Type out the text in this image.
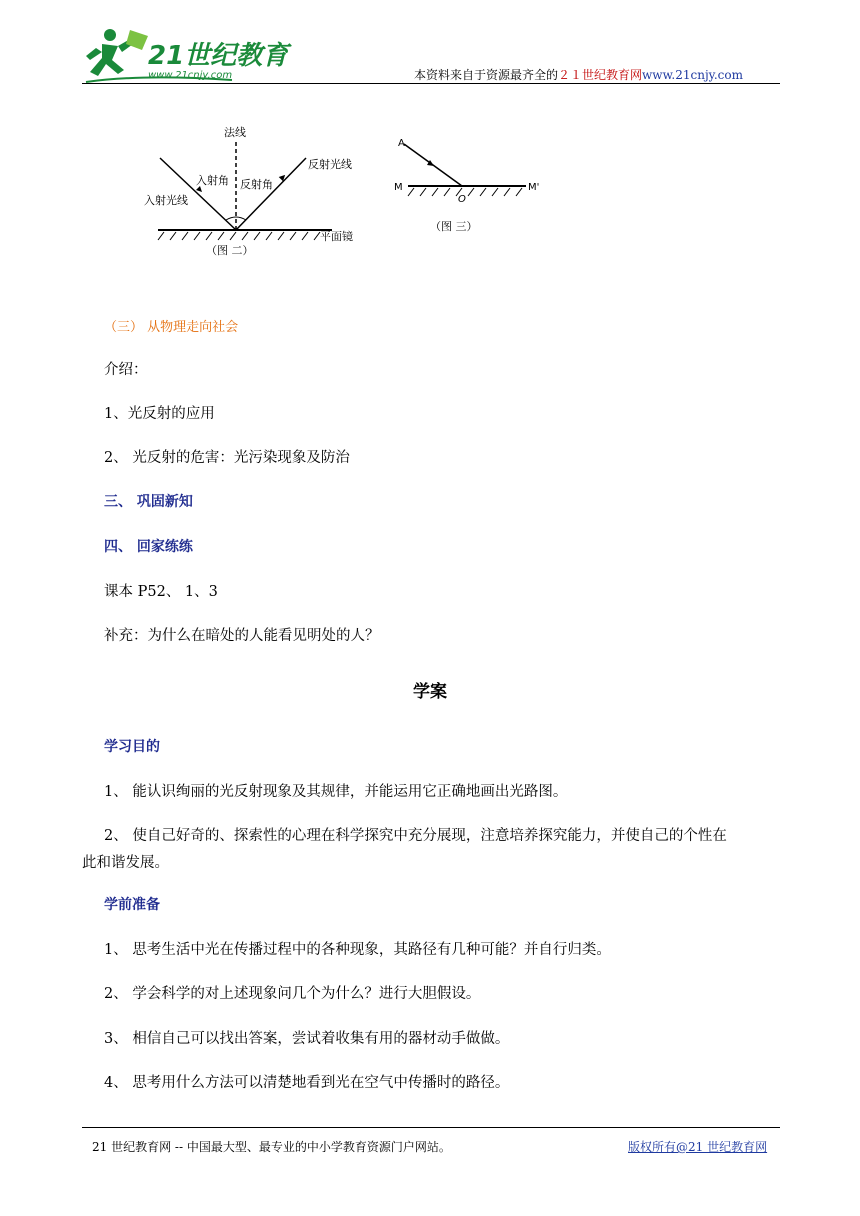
21世纪教育
www.21cnjy.com	本资料来自于资源最齐全的２１世纪教育网www.21cnjy.com
法线
入射角 反射角
反射光线
入射光线
平面镜
（图 二）
A
M	M'
O
（图 三）
（三） 从物理走向社会
介绍：
1、光反射的应用
2、 光反射的危害：光污染现象及防治
三、 巩固新知
四、 回家练练
课本 P52、 1、3
补充：为什么在暗处的人能看见明处的人？
学案
学习目的
1、 能认识绚丽的光反射现象及其规律，并能运用它正确地画出光路图。
2、 使自己好奇的、探索性的心理在科学探究中充分展现，注意培养探究能力，并使自己的个性在
此和谐发展。
学前准备
1、 思考生活中光在传播过程中的各种现象，其路径有几种可能？并自行归类。
2、 学会科学的对上述现象问几个为什么？进行大胆假设。
3、 相信自己可以找出答案，尝试着收集有用的器材动手做做。
4、 思考用什么方法可以清楚地看到光在空气中传播时的路径。
21 世纪教育网 -- 中国最大型、最专业的中小学教育资源门户网站。	版权所有@21 世纪教育网
